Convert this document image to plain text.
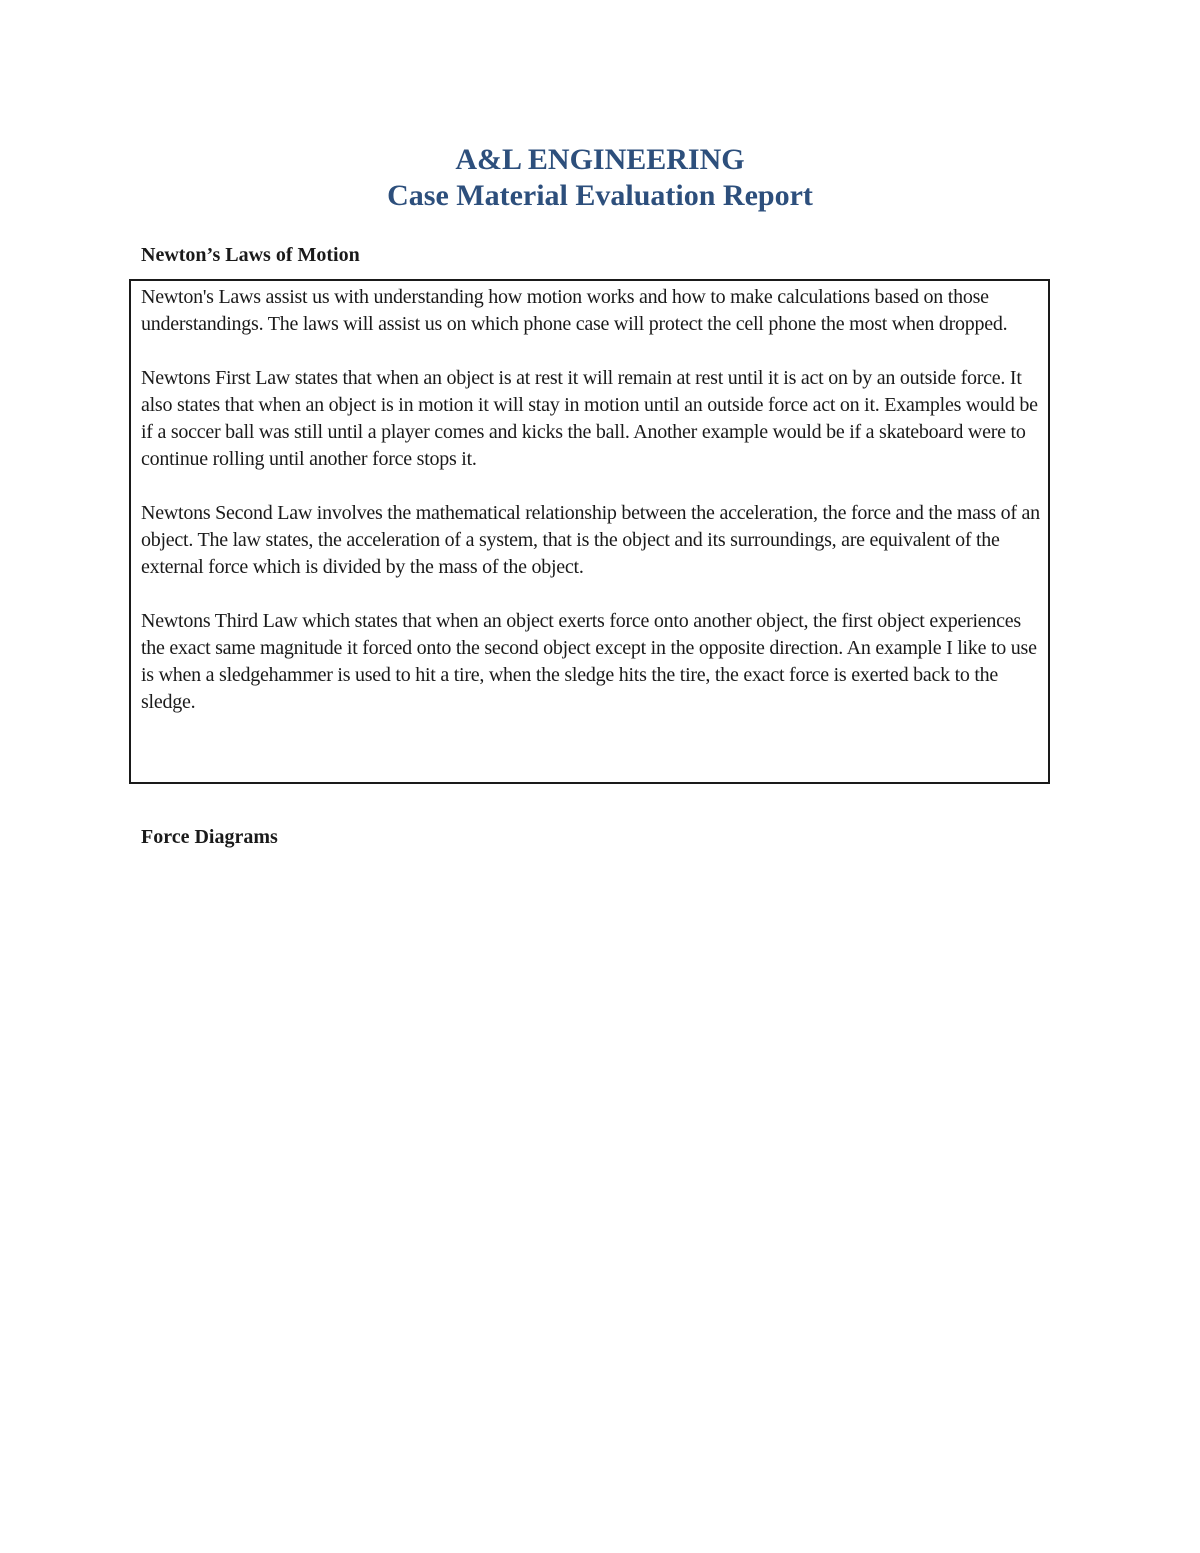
A&L ENGINEERING
Case Material Evaluation Report
Newton’s Laws of Motion

Newton's Laws assist us with understanding how motion works and how to make calculations based on those understandings. The laws will assist us on which phone case will protect the cell phone the most when dropped.

Newtons First Law states that when an object is at rest it will remain at rest until it is act on by an outside force. It also states that when an object is in motion it will stay in motion until an outside force act on it. Examples would be if a soccer ball was still until a player comes and kicks the ball. Another example would be if a skateboard were to continue rolling until another force stops it.

Newtons Second Law involves the mathematical relationship between the acceleration, the force and the mass of an object. The law states, the acceleration of a system, that is the object and its surroundings, are equivalent of the external force which is divided by the mass of the object.

Newtons Third Law which states that when an object exerts force onto another object, the first object experiences the exact same magnitude it forced onto the second object except in the opposite direction. An example I like to use is when a sledgehammer is used to hit a tire, when the sledge hits the tire, the exact force is exerted back to the sledge.

Force Diagrams
